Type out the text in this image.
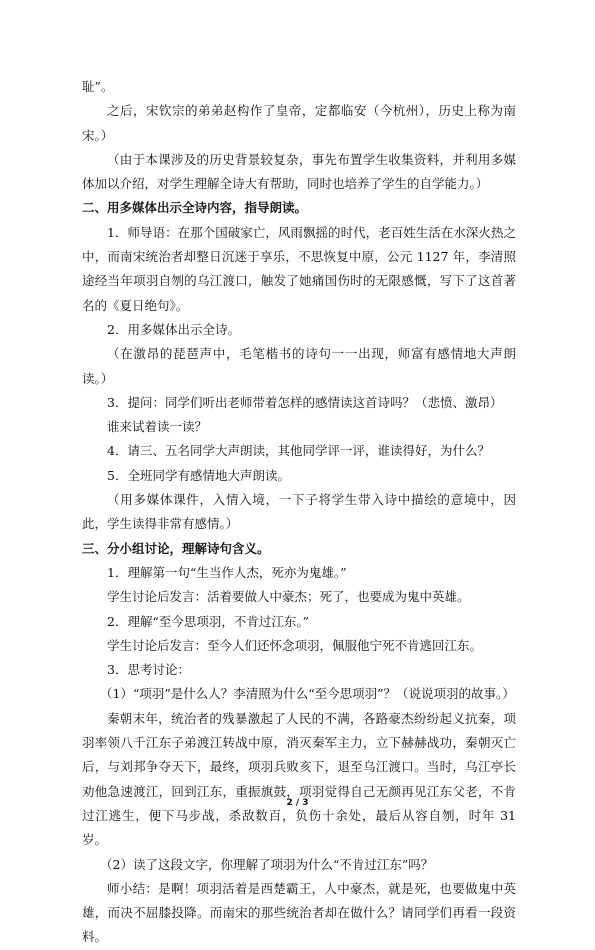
耻”。

之后，宋钦宗的弟弟赵构作了皇帝，定都临安（今杭州），历史上称为南宋。）

（由于本课涉及的历史背景较复杂，事先布置学生收集资料，并利用多媒体加以介绍，对学生理解全诗大有帮助，同时也培养了学生的自学能力。）

二、用多媒体出示全诗内容，指导朗读。

1．师导语：在那个国破家亡，风雨飘摇的时代，老百姓生活在水深火热之中，而南宋统治者却整日沉迷于享乐，不思恢复中原，公元 1127 年，李清照途经当年项羽自刎的乌江渡口，触发了她痛国伤时的无限感慨，写下了这首著名的《夏日绝句》。

2．用多媒体出示全诗。

（在激昂的琵琶声中，毛笔楷书的诗句一一出现，师富有感情地大声朗读。）

3．提问：同学们听出老师带着怎样的感情读这首诗吗？（悲愤、激昂）

谁来试着读一读？

4．请三、五名同学大声朗读，其他同学评一评，谁读得好，为什么？

5．全班同学有感情地大声朗读。

（用多媒体课件，入情入境，一下子将学生带入诗中描绘的意境中，因此，学生读得非常有感情。）

三、分小组讨论，理解诗句含义。

1．理解第一句“生当作人杰，死亦为鬼雄。”

学生讨论后发言：活着要做人中豪杰；死了，也要成为鬼中英雄。

2．理解“至今思项羽，不肯过江东。”

学生讨论后发言：至今人们还怀念项羽，佩服他宁死不肯逃回江东。

3．思考讨论：

（1）“项羽”是什么人？李清照为什么“至今思项羽”？（说说项羽的故事。）

秦朝末年，统治者的残暴激起了人民的不满，各路豪杰纷纷起义抗秦，项羽率领八千江东子弟渡江转战中原，消灭秦军主力，立下赫赫战功，秦朝灭亡后，与刘邦争夺天下，最终，项羽兵败亥下，退至乌江渡口。当时，乌江亭长劝他急速渡江，回到江东，重振旗鼓，项羽觉得自己无颜再见江东父老，不肯过江逃生，便下马步战，杀敌数百，负伤十余处，最后从容自刎，时年 31 岁。

（2）读了这段文字，你理解了项羽为什么“不肯过江东”吗？

师小结：是啊！项羽活着是西楚霸王，人中豪杰，就是死，也要做鬼中英雄，而决不屈膝投降。而南宋的那些统治者却在做什么？请同学们再看一段资料。

2 / 3
